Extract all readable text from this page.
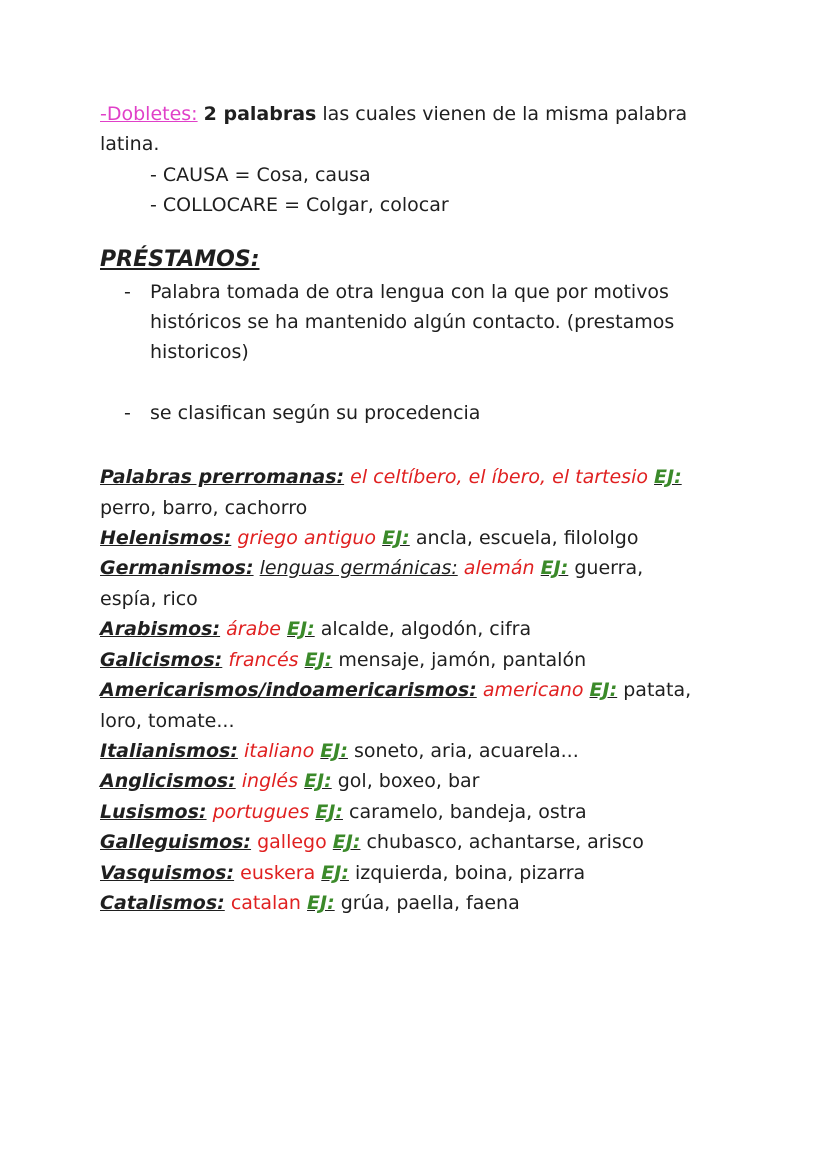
-Dobletes: 2 palabras las cuales vienen de la misma palabra
latina.
- CAUSA = Cosa, causa
- COLLOCARE = Colgar, colocar
PRÉSTAMOS:
-	Palabra tomada de otra lengua con la que por motivos históricos se ha mantenido algún contacto. (prestamos historicos)
-	se clasifican según su procedencia
Palabras prerromanas: el celtíbero, el íbero, el tartesio EJ:
perro, barro, cachorro
Helenismos: griego antiguo EJ: ancla, escuela, filololgo
Germanismos: lenguas germánicas: alemán EJ: guerra,
espía, rico
Arabismos: árabe EJ: alcalde, algodón, cifra
Galicismos: francés EJ: mensaje, jamón, pantalón
Americarismos/indoamericarismos: americano EJ: patata,
loro, tomate...
Italianismos: italiano EJ: soneto, aria, acuarela...
Anglicismos: inglés EJ: gol, boxeo, bar
Lusismos: portugues EJ: caramelo, bandeja, ostra
Galleguismos: gallego EJ: chubasco, achantarse, arisco
Vasquismos: euskera EJ: izquierda, boina, pizarra
Catalismos: catalan EJ: grúa, paella, faena
